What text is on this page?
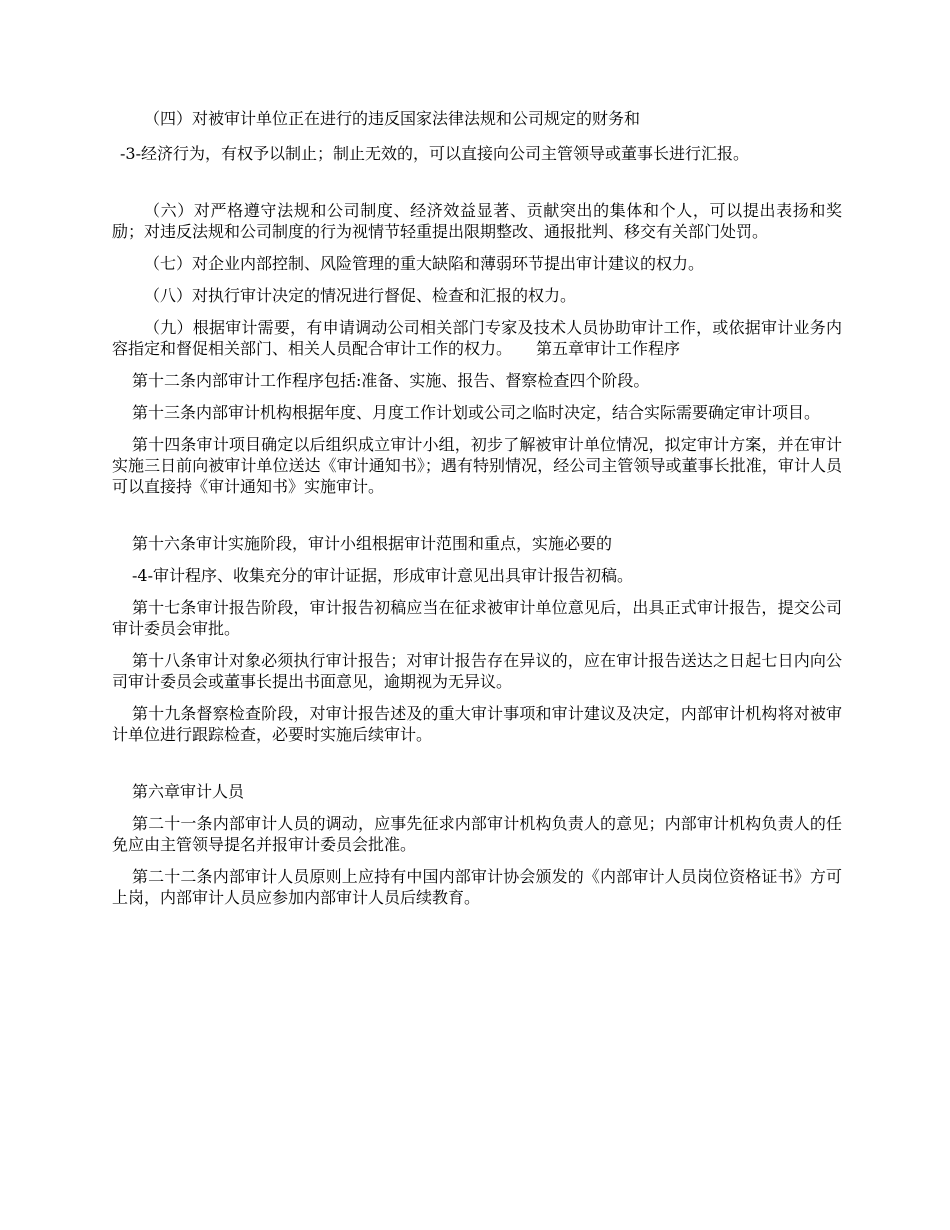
（四）对被审计单位正在进行的违反国家法律法规和公司规定的财务和

-3-经济行为，有权予以制止；制止无效的，可以直接向公司主管领导或董事长进行汇报。

（六）对严格遵守法规和公司制度、经济效益显著、贡献突出的集体和个人，可以提出表扬和奖励；对违反法规和公司制度的行为视情节轻重提出限期整改、通报批判、移交有关部门处罚。

（七）对企业内部控制、风险管理的重大缺陷和薄弱环节提出审计建议的权力。

（八）对执行审计决定的情况进行督促、检查和汇报的权力。

（九）根据审计需要，有申请调动公司相关部门专家及技术人员协助审计工作，或依据审计业务内容指定和督促相关部门、相关人员配合审计工作的权力。　　第五章审计工作程序

第十二条内部审计工作程序包括:准备、实施、报告、督察检查四个阶段。

第十三条内部审计机构根据年度、月度工作计划或公司之临时决定，结合实际需要确定审计项目。

第十四条审计项目确定以后组织成立审计小组，初步了解被审计单位情况，拟定审计方案，并在审计实施三日前向被审计单位送达《审计通知书》；遇有特别情况，经公司主管领导或董事长批准，审计人员可以直接持《审计通知书》实施审计。

第十六条审计实施阶段，审计小组根据审计范围和重点，实施必要的

-4-审计程序、收集充分的审计证据，形成审计意见出具审计报告初稿。

第十七条审计报告阶段，审计报告初稿应当在征求被审计单位意见后，出具正式审计报告，提交公司审计委员会审批。

第十八条审计对象必须执行审计报告；对审计报告存在异议的，应在审计报告送达之日起七日内向公司审计委员会或董事长提出书面意见，逾期视为无异议。

第十九条督察检查阶段，对审计报告述及的重大审计事项和审计建议及决定，内部审计机构将对被审计单位进行跟踪检查，必要时实施后续审计。

第六章审计人员

第二十一条内部审计人员的调动，应事先征求内部审计机构负责人的意见；内部审计机构负责人的任免应由主管领导提名并报审计委员会批准。

第二十二条内部审计人员原则上应持有中国内部审计协会颁发的《内部审计人员岗位资格证书》方可上岗，内部审计人员应参加内部审计人员后续教育。
